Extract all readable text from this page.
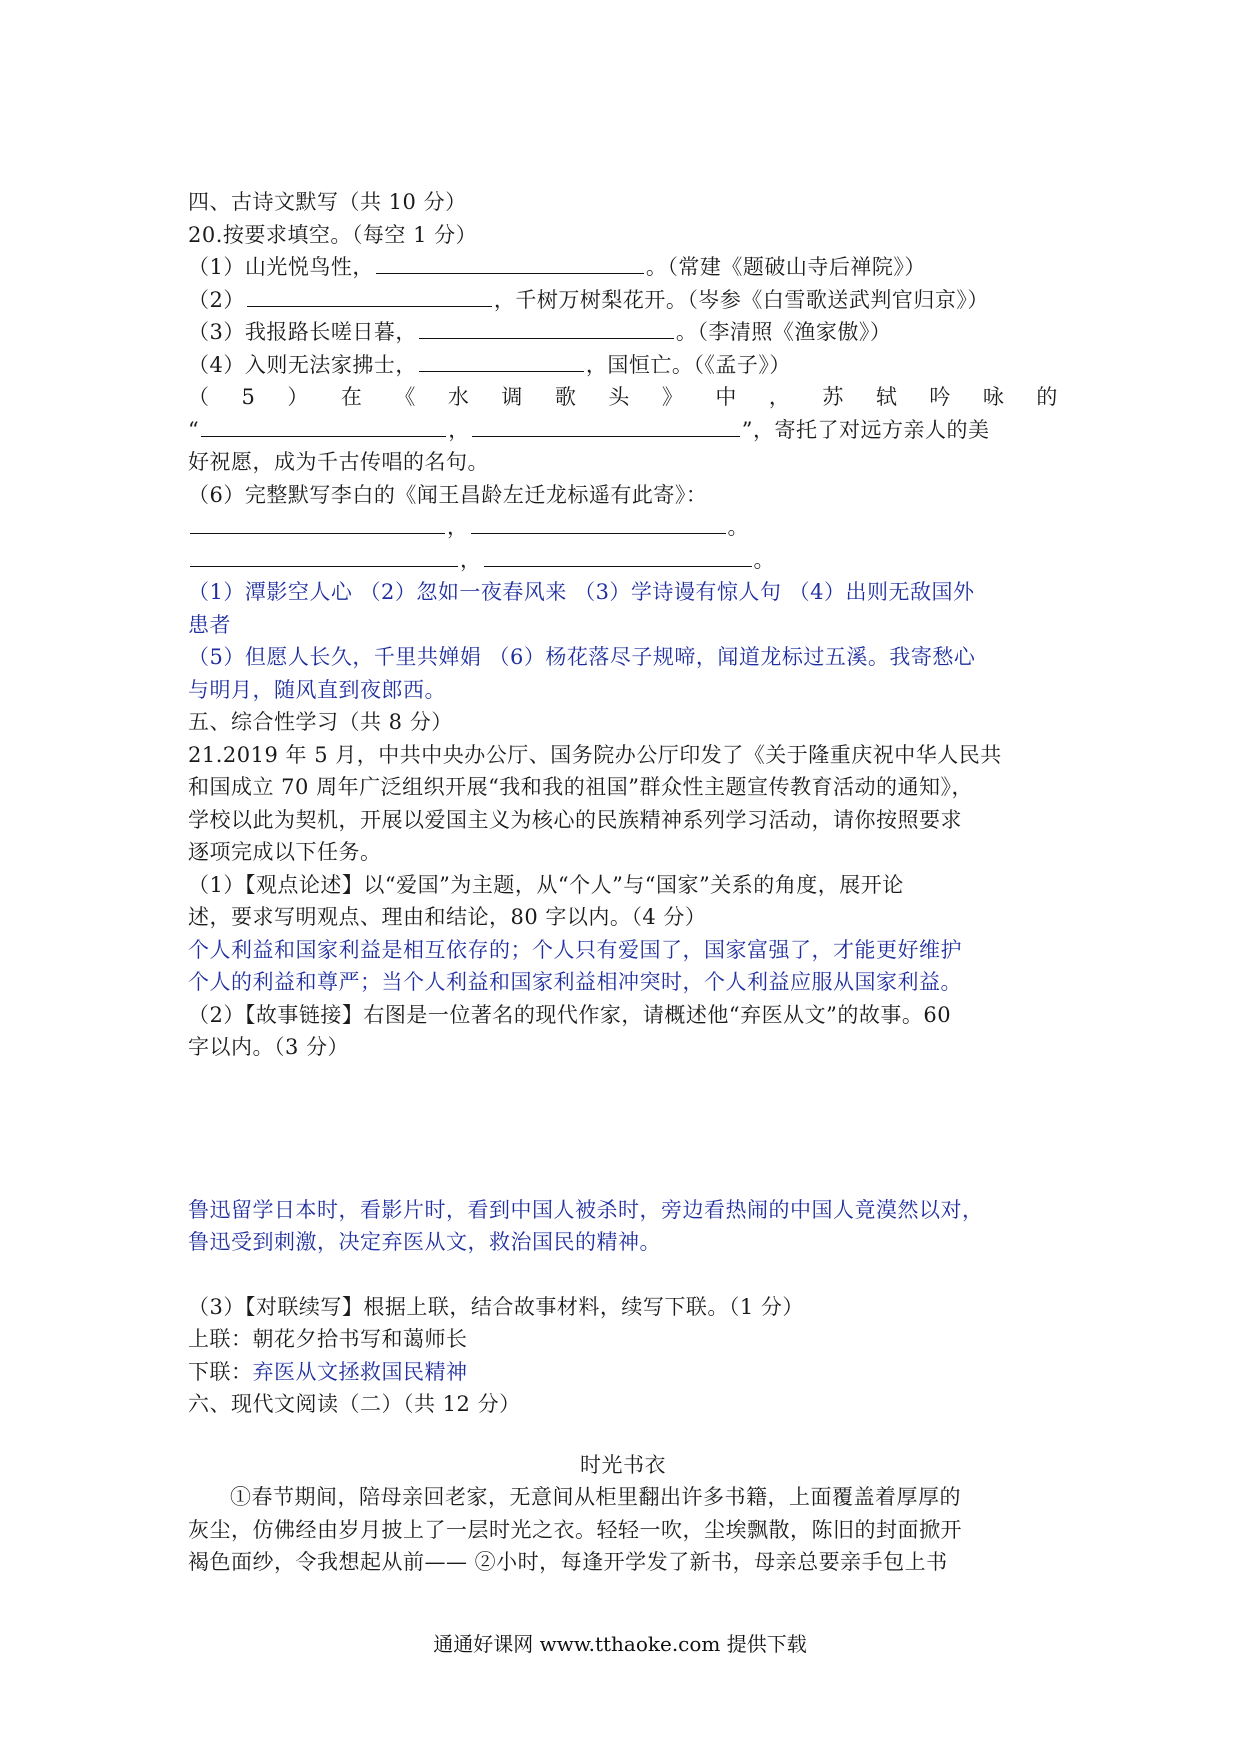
四、古诗文默写（共 10 分）
20.按要求填空。（每空 1 分）
（1）山光悦鸟性，	。（常建《题破山寺后禅院》）
（2）	，千树万树梨花开。（岑参《白雪歌送武判官归京》）
（3）我报路长嗟日暮，	。（李清照《渔家傲》）
（4）入则无法家拂士，	，国恒亡。（《孟子》）
（ 5 ） 在 《 水 调 歌 头 》 中 ， 苏 轼 吟 咏 的
“	，	”，寄托了对远方亲人的美
好祝愿，成为千古传唱的名句。
（6）完整默写李白的《闻王昌龄左迁龙标遥有此寄》：
，	。
，	。
（1）潭影空人心 （2）忽如一夜春风来 （3）学诗谩有惊人句 （4）出则无敌国外
患者
（5）但愿人长久，千里共婵娟 （6）杨花落尽子规啼，闻道龙标过五溪。我寄愁心
与明月，随风直到夜郎西。
五、综合性学习（共 8 分）
21.2019 年 5 月，中共中央办公厅、国务院办公厅印发了《关于隆重庆祝中华人民共
和国成立 70 周年广泛组织开展“我和我的祖国”群众性主题宣传教育活动的通知》，
学校以此为契机，开展以爱国主义为核心的民族精神系列学习活动，请你按照要求
逐项完成以下任务。
（1）【观点论述】以“爱国”为主题，从“个人”与“国家”关系的角度，展开论
述，要求写明观点、理由和结论，80 字以内。（4 分）
个人利益和国家利益是相互依存的；个人只有爱国了，国家富强了，才能更好维护
个人的利益和尊严；当个人利益和国家利益相冲突时，个人利益应服从国家利益。
（2）【故事链接】右图是一位著名的现代作家，请概述他“弃医从文”的故事。60
字以内。（3 分）
鲁迅留学日本时，看影片时，看到中国人被杀时，旁边看热闹的中国人竟漠然以对，
鲁迅受到刺激，决定弃医从文，救治国民的精神。
（3）【对联续写】根据上联，结合故事材料，续写下联。（1 分）
上联：朝花夕拾书写和蔼师长
下联：弃医从文拯救国民精神
六、现代文阅读（二）（共 12 分）
时光书衣
①春节期间，陪母亲回老家，无意间从柜里翻出许多书籍，上面覆盖着厚厚的
灰尘，仿佛经由岁月披上了一层时光之衣。轻轻一吹，尘埃飘散，陈旧的封面掀开
褐色面纱，令我想起从前—— ②小时，每逢开学发了新书，母亲总要亲手包上书
通通好课网 www.tthaoke.com 提供下载
